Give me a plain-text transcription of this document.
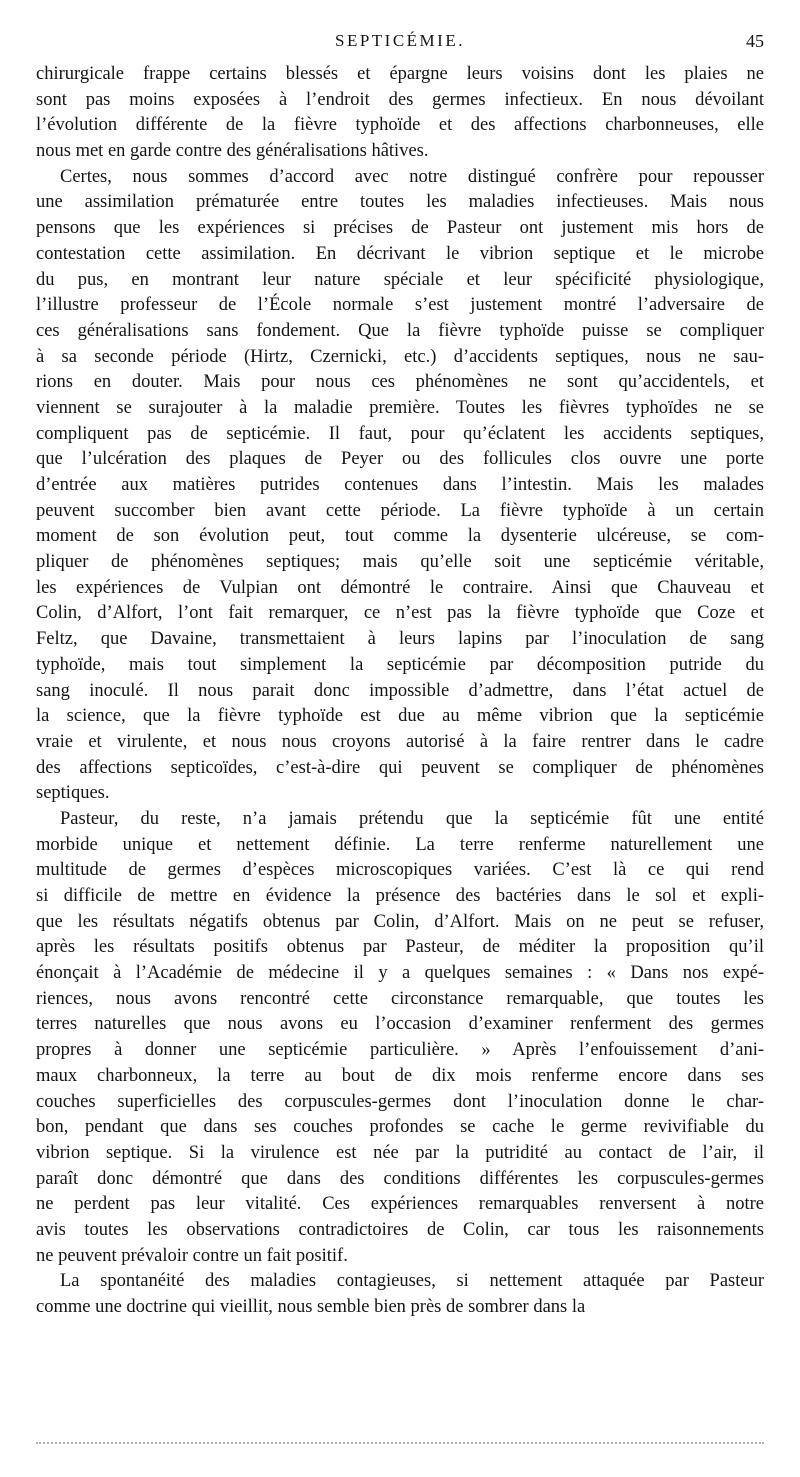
SEPTICÉMIE.	45

chirurgicale frappe certains blessés et épargne leurs voisins dont les plaies ne
sont pas moins exposées à l’endroit des germes infectieux. En nous dévoilant
l’évolution différente de la fièvre typhoïde et des affections charbonneuses, elle
nous met en garde contre des généralisations hâtives.

Certes, nous sommes d’accord avec notre distingué confrère pour repousser
une assimilation prématurée entre toutes les maladies infectieuses. Mais nous
pensons que les expériences si précises de Pasteur ont justement mis hors de
contestation cette assimilation. En décrivant le vibrion septique et le microbe
du pus, en montrant leur nature spéciale et leur spécificité physiologique,
l’illustre professeur de l’École normale s’est justement montré l’adversaire de
ces généralisations sans fondement. Que la fièvre typhoïde puisse se compliquer
à sa seconde période (Hirtz, Czernicki, etc.) d’accidents septiques, nous ne sau-
rions en douter. Mais pour nous ces phénomènes ne sont qu’accidentels, et
viennent se surajouter à la maladie première. Toutes les fièvres typhoïdes ne se
compliquent pas de septicémie. Il faut, pour qu’éclatent les accidents septiques,
que l’ulcération des plaques de Peyer ou des follicules clos ouvre une porte
d’entrée aux matières putrides contenues dans l’intestin. Mais les malades
peuvent succomber bien avant cette période. La fièvre typhoïde à un certain
moment de son évolution peut, tout comme la dysenterie ulcéreuse, se com-
pliquer de phénomènes septiques; mais qu’elle soit une septicémie véritable,
les expériences de Vulpian ont démontré le contraire. Ainsi que Chauveau et
Colin, d’Alfort, l’ont fait remarquer, ce n’est pas la fièvre typhoïde que Coze et
Feltz, que Davaine, transmettaient à leurs lapins par l’inoculation de sang
typhoïde, mais tout simplement la septicémie par décomposition putride du
sang inoculé. Il nous parait donc impossible d’admettre, dans l’état actuel de
la science, que la fièvre typhoïde est due au même vibrion que la septicémie
vraie et virulente, et nous nous croyons autorisé à la faire rentrer dans le cadre
des affections septicoïdes, c’est-à-dire qui peuvent se compliquer de phénomènes
septiques.

Pasteur, du reste, n’a jamais prétendu que la septicémie fût une entité
morbide unique et nettement définie. La terre renferme naturellement une
multitude de germes d’espèces microscopiques variées. C’est là ce qui rend
si difficile de mettre en évidence la présence des bactéries dans le sol et expli-
que les résultats négatifs obtenus par Colin, d’Alfort. Mais on ne peut se refuser,
après les résultats positifs obtenus par Pasteur, de méditer la proposition qu’il
énonçait à l’Académie de médecine il y a quelques semaines : « Dans nos expé-
riences, nous avons rencontré cette circonstance remarquable, que toutes les
terres naturelles que nous avons eu l’occasion d’examiner renferment des germes
propres à donner une septicémie particulière. » Après l’enfouissement d’ani-
maux charbonneux, la terre au bout de dix mois renferme encore dans ses
couches superficielles des corpuscules-germes dont l’inoculation donne le char-
bon, pendant que dans ses couches profondes se cache le germe revivifiable du
vibrion septique. Si la virulence est née par la putridité au contact de l’air, il
paraît donc démontré que dans des conditions différentes les corpuscules-germes
ne perdent pas leur vitalité. Ces expériences remarquables renversent à notre
avis toutes les observations contradictoires de Colin, car tous les raisonnements
ne peuvent prévaloir contre un fait positif.

La spontanéité des maladies contagieuses, si nettement attaquée par Pasteur
comme une doctrine qui vieillit, nous semble bien près de sombrer dans la
